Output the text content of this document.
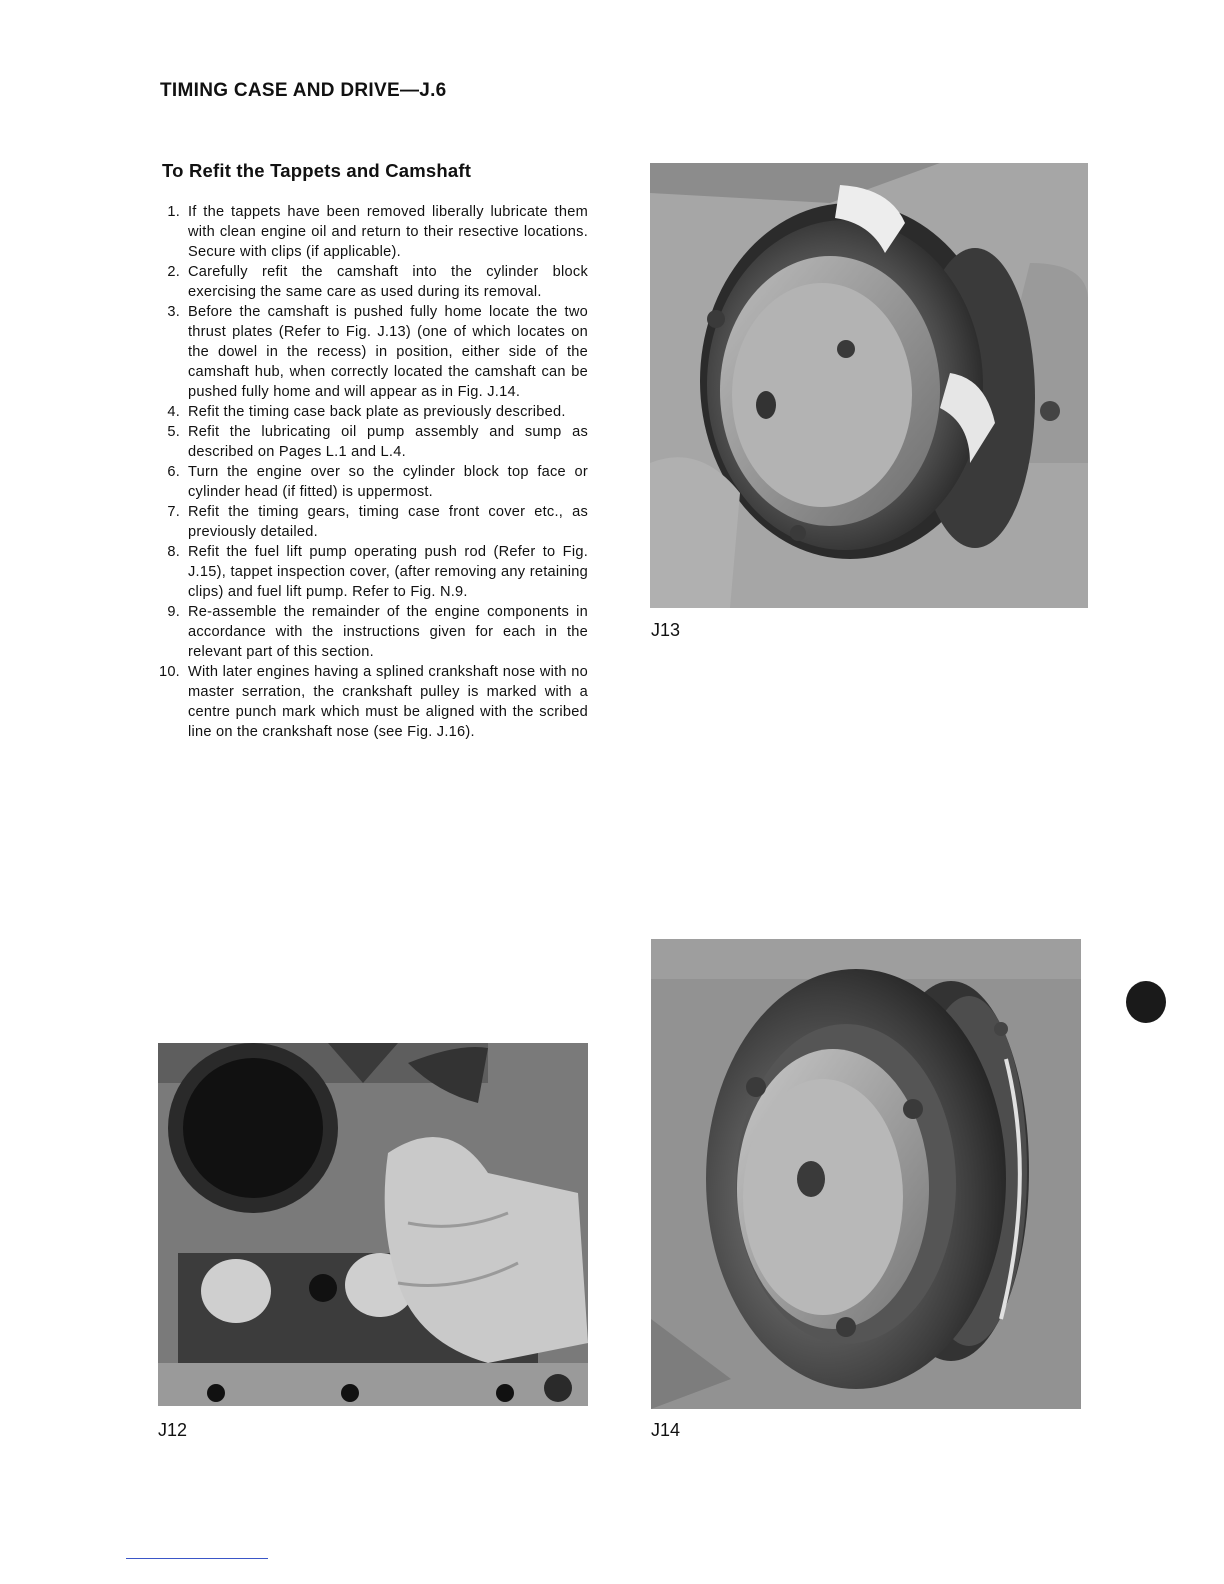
TIMING CASE AND DRIVE—J.6
To Refit the Tappets and Camshaft
1. If the tappets have been removed liberally lubricate them with clean engine oil and return to their resective locations. Secure with clips (if applicable).
2. Carefully refit the camshaft into the cylinder block exercising the same care as used during its removal.
3. Before the camshaft is pushed fully home locate the two thrust plates (Refer to Fig. J.13) (one of which locates on the dowel in the recess) in position, either side of the camshaft hub, when correctly located the camshaft can be pushed fully home and will appear as in Fig. J.14.
4. Refit the timing case back plate as previously described.
5. Refit the lubricating oil pump assembly and sump as described on Pages L.1 and L.4.
6. Turn the engine over so the cylinder block top face or cylinder head (if fitted) is uppermost.
7. Refit the timing gears, timing case front cover etc., as previously detailed.
8. Refit the fuel lift pump operating push rod (Refer to Fig. J.15), tappet inspection cover, (after removing any retaining clips) and fuel lift pump. Refer to Fig. N.9.
9. Re-assemble the remainder of the engine components in accordance with the instructions given for each in the relevant part of this section.
10. With later engines having a splined crankshaft nose with no master serration, the crankshaft pulley is marked with a centre punch mark which must be aligned with the scribed line on the crankshaft nose (see Fig. J.16).
J13
J14
J12
